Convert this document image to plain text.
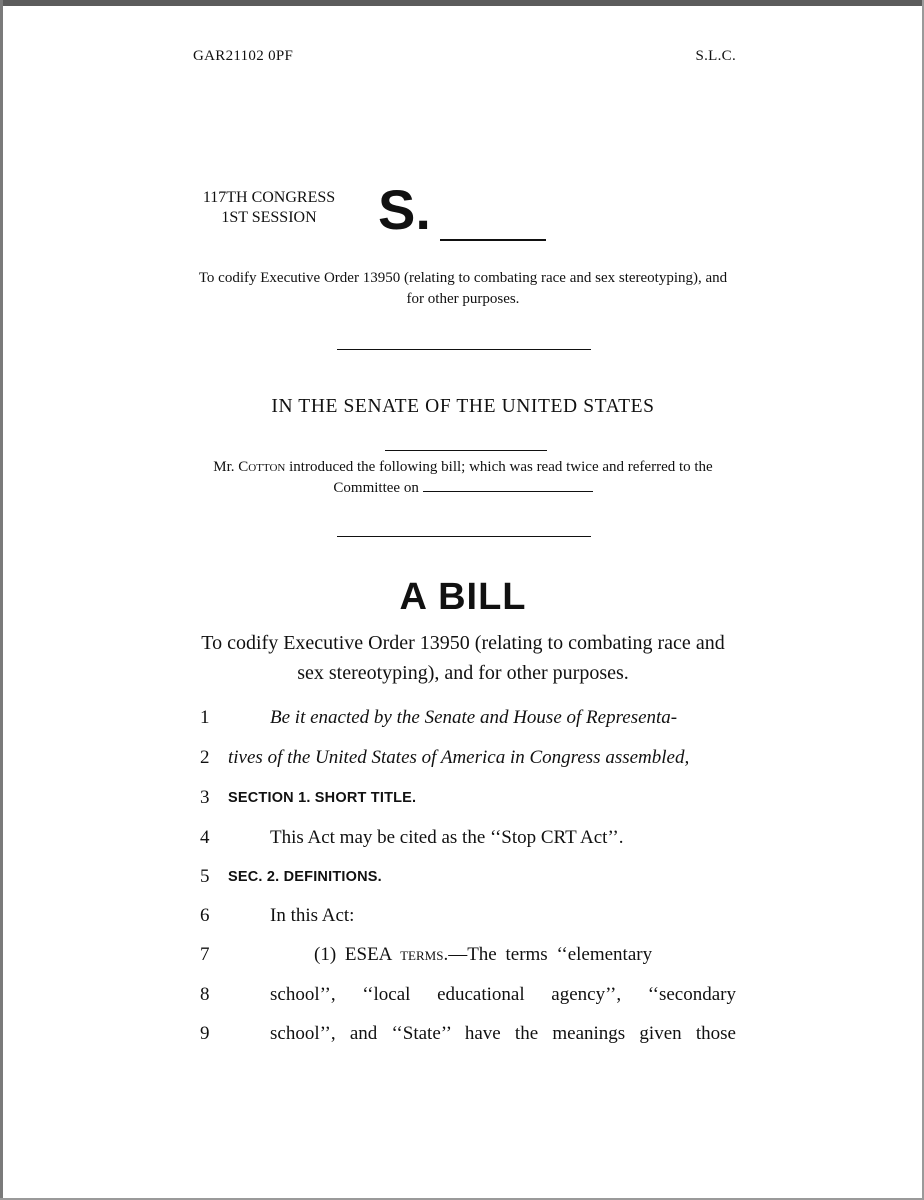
GAR21102 0PF	S.L.C.
117TH CONGRESS
1ST SESSION	S.
To codify Executive Order 13950 (relating to combating race and sex stereotyping), and for other purposes.
IN THE SENATE OF THE UNITED STATES
Mr. Cotton introduced the following bill; which was read twice and referred to the Committee on
A BILL
To codify Executive Order 13950 (relating to combating race and sex stereotyping), and for other purposes.
1	Be it enacted by the Senate and House of Representa-
2 tives of the United States of America in Congress assembled,
3	SECTION 1. SHORT TITLE.
4	This Act may be cited as the ‘‘Stop CRT Act’’.
5	SEC. 2. DEFINITIONS.
6	In this Act:
7	(1) ESEA terms.—The terms ‘‘elementary
8	school’’, ‘‘local educational agency’’, ‘‘secondary
9	school’’, and ‘‘State’’ have the meanings given those
